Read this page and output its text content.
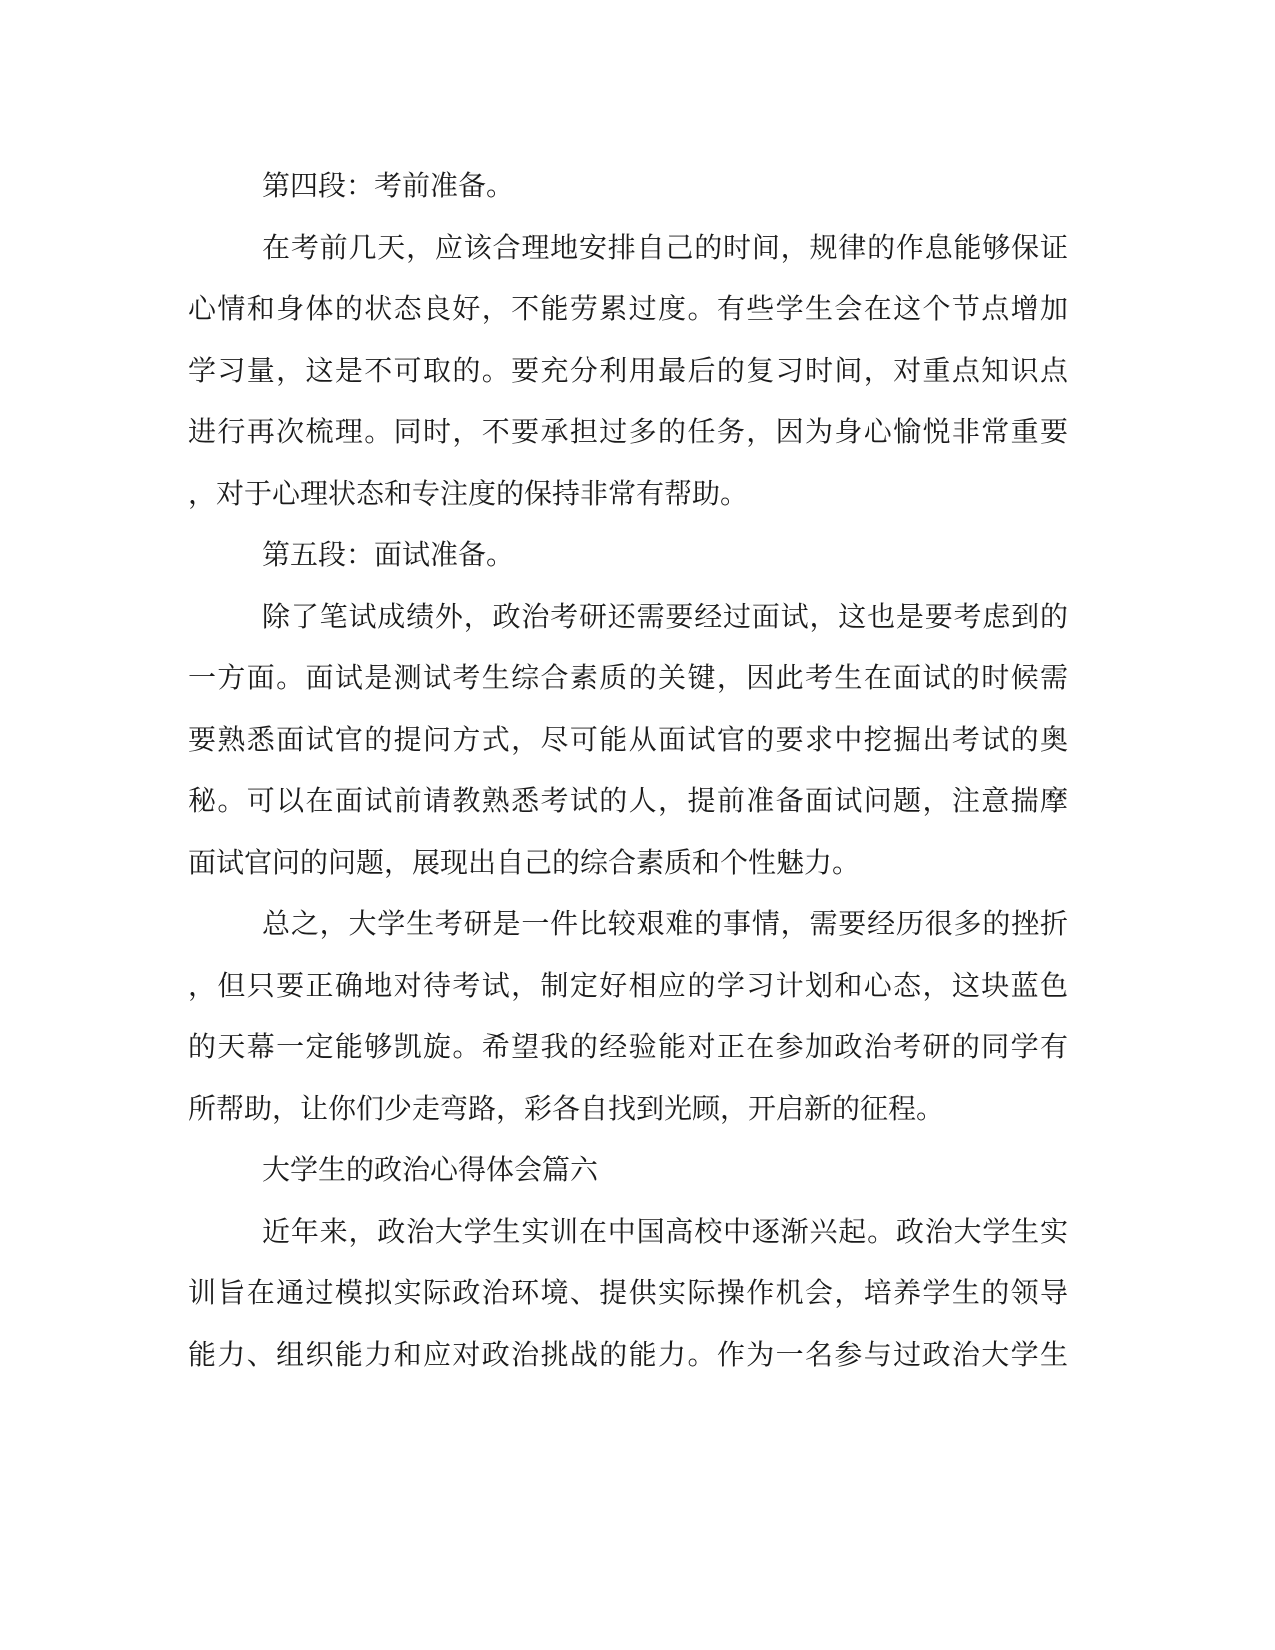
第四段：考前准备。
在考前几天，应该合理地安排自己的时间，规律的作息能够保证
心情和身体的状态良好，不能劳累过度。有些学生会在这个节点增加
学习量，这是不可取的。要充分利用最后的复习时间，对重点知识点
进行再次梳理。同时，不要承担过多的任务，因为身心愉悦非常重要
，对于心理状态和专注度的保持非常有帮助。
第五段：面试准备。
除了笔试成绩外，政治考研还需要经过面试，这也是要考虑到的
一方面。面试是测试考生综合素质的关键，因此考生在面试的时候需
要熟悉面试官的提问方式，尽可能从面试官的要求中挖掘出考试的奥
秘。可以在面试前请教熟悉考试的人，提前准备面试问题，注意揣摩
面试官问的问题，展现出自己的综合素质和个性魅力。
总之，大学生考研是一件比较艰难的事情，需要经历很多的挫折
，但只要正确地对待考试，制定好相应的学习计划和心态，这块蓝色
的天幕一定能够凯旋。希望我的经验能对正在参加政治考研的同学有
所帮助，让你们少走弯路，彩各自找到光顾，开启新的征程。
大学生的政治心得体会篇六
近年来，政治大学生实训在中国高校中逐渐兴起。政治大学生实
训旨在通过模拟实际政治环境、提供实际操作机会，培养学生的领导
能力、组织能力和应对政治挑战的能力。作为一名参与过政治大学生
